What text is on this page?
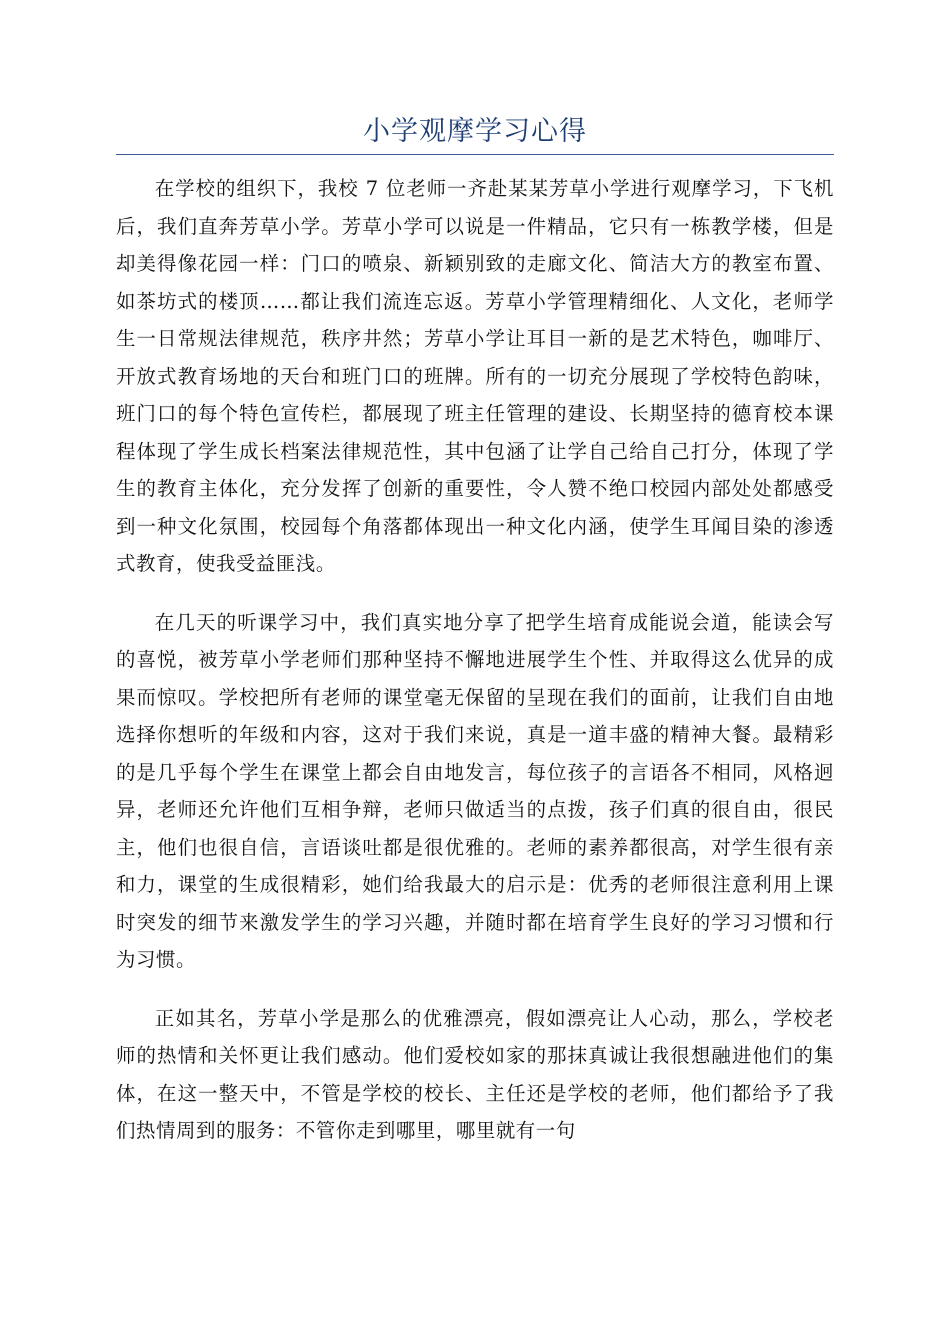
小学观摩学习心得

在学校的组织下，我校 7 位老师一齐赴某某芳草小学进行观摩学习，下飞机后，我们直奔芳草小学。芳草小学可以说是一件精品，它只有一栋教学楼，但是却美得像花园一样：门口的喷泉、新颖别致的走廊文化、简洁大方的教室布置、如茶坊式的楼顶……都让我们流连忘返。芳草小学管理精细化、人文化，老师学生一日常规法律规范，秩序井然；芳草小学让耳目一新的是艺术特色，咖啡厅、开放式教育场地的天台和班门口的班牌。所有的一切充分展现了学校特色韵味，班门口的每个特色宣传栏，都展现了班主任管理的建设、长期坚持的德育校本课程体现了学生成长档案法律规范性，其中包涵了让学自己给自己打分，体现了学生的教育主体化，充分发挥了创新的重要性，令人赞不绝口校园内部处处都感受到一种文化氛围，校园每个角落都体现出一种文化内涵，使学生耳闻目染的渗透式教育，使我受益匪浅。

在几天的听课学习中，我们真实地分享了把学生培育成能说会道，能读会写的喜悦，被芳草小学老师们那种坚持不懈地进展学生个性、并取得这么优异的成果而惊叹。学校把所有老师的课堂毫无保留的呈现在我们的面前，让我们自由地选择你想听的年级和内容，这对于我们来说，真是一道丰盛的精神大餐。最精彩的是几乎每个学生在课堂上都会自由地发言，每位孩子的言语各不相同，风格迥异，老师还允许他们互相争辩，老师只做适当的点拨，孩子们真的很自由，很民主，他们也很自信，言语谈吐都是很优雅的。老师的素养都很高，对学生很有亲和力，课堂的生成很精彩，她们给我最大的启示是：优秀的老师很注意利用上课时突发的细节来激发学生的学习兴趣，并随时都在培育学生良好的学习习惯和行为习惯。

正如其名，芳草小学是那么的优雅漂亮，假如漂亮让人心动，那么，学校老师的热情和关怀更让我们感动。他们爱校如家的那抹真诚让我很想融进他们的集体，在这一整天中，不管是学校的校长、主任还是学校的老师，他们都给予了我们热情周到的服务：不管你走到哪里，哪里就有一句
